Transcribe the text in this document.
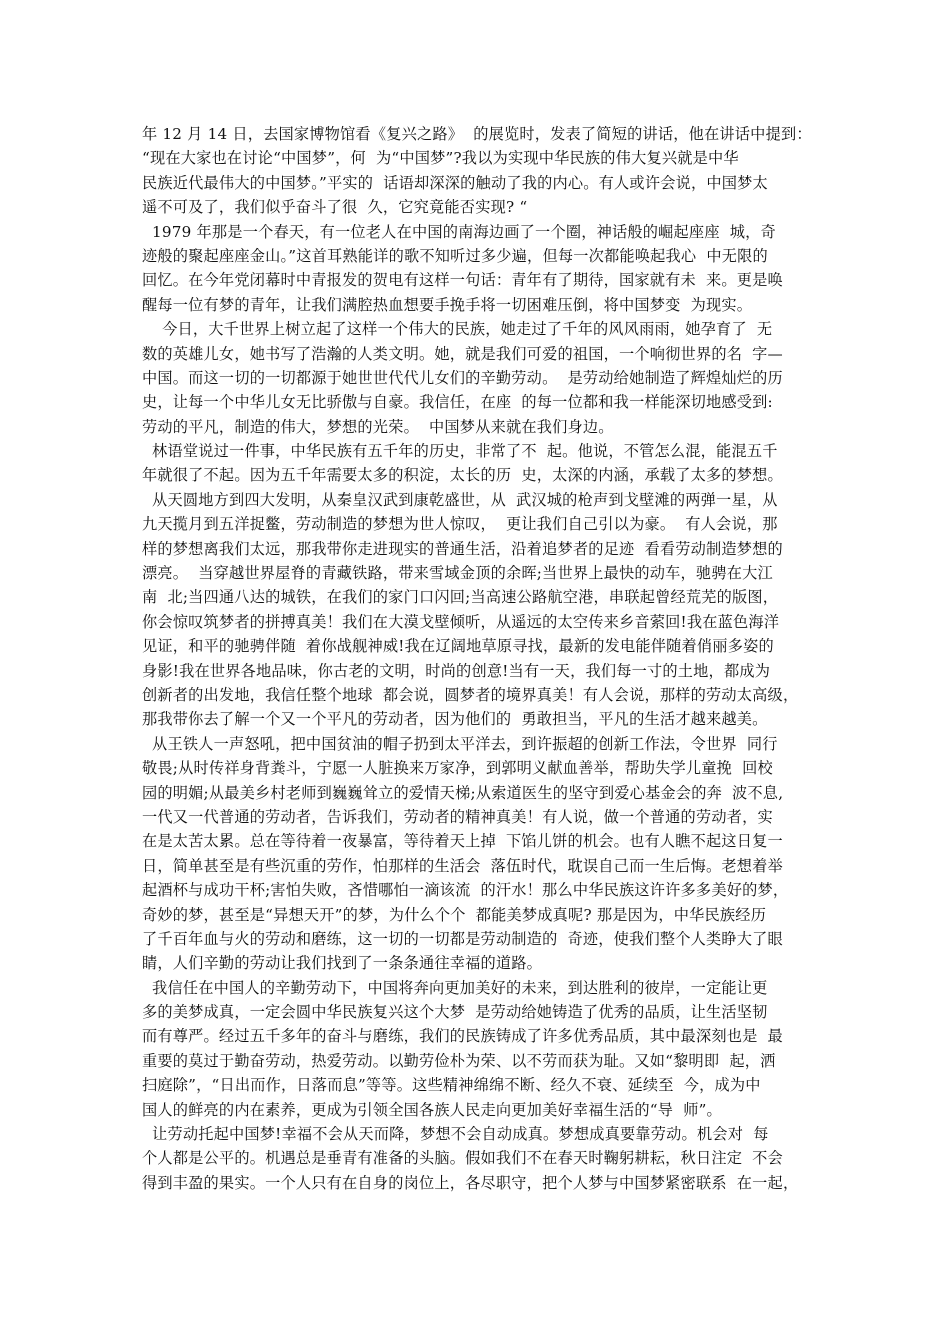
年 12 月 14 日，去国家博物馆看《复兴之路》  的展览时，发表了简短的讲话，他在讲话中提到：
“现在大家也在讨论“中国梦”，何  为“中国梦”?我以为实现中华民族的伟大复兴就是中华
民族近代最伟大的中国梦。”平实的  话语却深深的触动了我的内心。有人或许会说，中国梦太
遥不可及了，我们似乎奋斗了很  久，它究竟能否实现? “
1979 年那是一个春天，有一位老人在中国的南海边画了一个圈，神话般的崛起座座  城，奇
迹般的聚起座座金山。”这首耳熟能详的歌不知听过多少遍，但每一次都能唤起我心  中无限的
回忆。在今年党闭幕时中青报发的贺电有这样一句话：青年有了期待，国家就有未  来。更是唤
醒每一位有梦的青年，让我们满腔热血想要手挽手将一切困难压倒，将中国梦变  为现实。
今日，大千世界上树立起了这样一个伟大的民族，她走过了千年的风风雨雨，她孕育了  无
数的英雄儿女，她书写了浩瀚的人类文明。她，就是我们可爱的祖国，一个响彻世界的名  字—
中国。而这一切的一切都源于她世世代代儿女们的辛勤劳动。  是劳动给她制造了辉煌灿烂的历
史，让每一个中华儿女无比骄傲与自豪。我信任，在座  的每一位都和我一样能深切地感受到:
劳动的平凡，制造的伟大，梦想的光荣。  中国梦从来就在我们身边。
林语堂说过一件事，中华民族有五千年的历史，非常了不  起。他说，不管怎么混，能混五千
年就很了不起。因为五千年需要太多的积淀，太长的历  史，太深的内涵，承载了太多的梦想。
从天圆地方到四大发明，从秦皇汉武到康乾盛世，从  武汉城的枪声到戈壁滩的两弹一星，从
九天揽月到五洋捉鳖，劳动制造的梦想为世人惊叹，  更让我们自己引以为豪。  有人会说，那
样的梦想离我们太远，那我带你走进现实的普通生活，沿着追梦者的足迹  看看劳动制造梦想的
漂亮。  当穿越世界屋脊的青藏铁路，带来雪域金顶的余晖;当世界上最快的动车，驰骋在大江
南  北;当四通八达的城铁，在我们的家门口闪回;当高速公路航空港，串联起曾经荒芜的版图，
你会惊叹筑梦者的拼搏真美！我们在大漠戈壁倾听，从遥远的太空传来乡音萦回!我在蓝色海洋
见证，和平的驰骋伴随  着你战舰神威!我在辽阔地草原寻找，最新的发电能伴随着俏丽多姿的
身影!我在世界各地品味，你古老的文明，时尚的创意!当有一天，我们每一寸的土地，都成为
创新者的出发地，我信任整个地球  都会说，圆梦者的境界真美！有人会说，那样的劳动太高级，
那我带你去了解一个又一个平凡的劳动者，因为他们的  勇敢担当，平凡的生活才越来越美。
从王铁人一声怒吼，把中国贫油的帽子扔到太平洋去，到许振超的创新工作法，令世界  同行
敬畏;从时传祥身背粪斗，宁愿一人脏换来万家净，到郭明义献血善举，帮助失学儿童挽  回校
园的明媚;从最美乡村老师到巍巍耸立的爱情天梯;从索道医生的坚守到爱心基金会的奔  波不息,
一代又一代普通的劳动者，告诉我们，劳动者的精神真美！有人说，做一个普通的劳动者，实
在是太苦太累。总在等待着一夜暴富，等待着天上掉  下馅儿饼的机会。也有人瞧不起这日复一
日，简单甚至是有些沉重的劳作，怕那样的生活会  落伍时代，耽误自己而一生后悔。老想着举
起酒杯与成功干杯;害怕失败，吝惜哪怕一滴该流  的汗水！那么中华民族这许许多多美好的梦，
奇妙的梦，甚至是“异想天开”的梦，为什么个个  都能美梦成真呢? 那是因为，中华民族经历
了千百年血与火的劳动和磨练，这一切的一切都是劳动制造的  奇迹，使我们整个人类睁大了眼
睛，人们辛勤的劳动让我们找到了一条条通往幸福的道路。
我信任在中国人的辛勤劳动下，中国将奔向更加美好的未来，到达胜利的彼岸，一定能让更
多的美梦成真，一定会圆中华民族复兴这个大梦  是劳动给她铸造了优秀的品质，让生活坚韧
而有尊严。经过五千多年的奋斗与磨练，我们的民族铸成了许多优秀品质，其中最深刻也是  最
重要的莫过于勤奋劳动，热爱劳动。以勤劳俭朴为荣、以不劳而获为耻。又如“黎明即  起，洒
扫庭除”，“日出而作，日落而息”等等。这些精神绵绵不断、经久不衰、延续至  今，成为中
国人的鲜亮的内在素养，更成为引领全国各族人民走向更加美好幸福生活的“导  师”。
让劳动托起中国梦!幸福不会从天而降，梦想不会自动成真。梦想成真要靠劳动。机会对  每
个人都是公平的。机遇总是垂青有准备的头脑。假如我们不在春天时鞠躬耕耘，秋日注定  不会
得到丰盈的果实。一个人只有在自身的岗位上，各尽职守，把个人梦与中国梦紧密联系  在一起，
